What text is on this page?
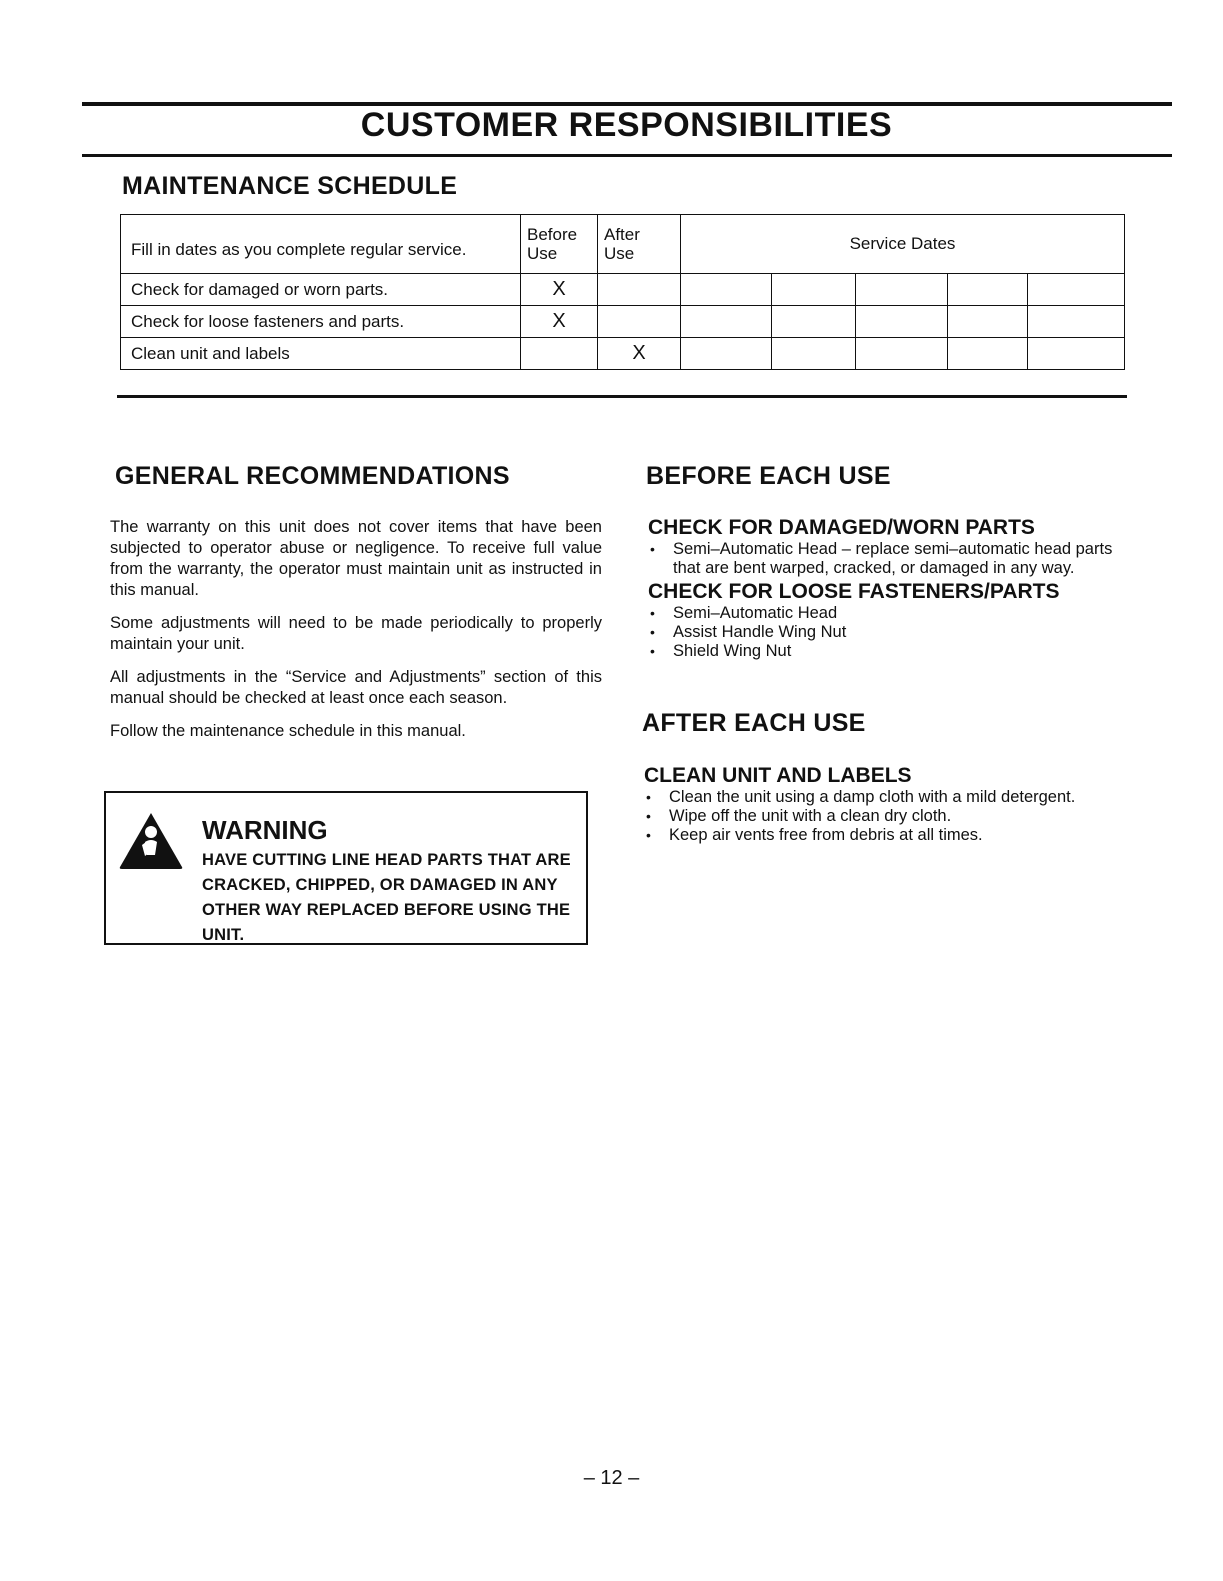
CUSTOMER RESPONSIBILITIES
MAINTENANCE SCHEDULE
Fill in dates as you complete regular service.	Before Use	After Use	Service Dates				
Check for damaged or worn parts.	X						
Check for loose fasteners and parts.	X						
Clean unit and labels		X					
GENERAL RECOMMENDATIONS

The warranty on this unit does not cover items that have been subjected to operator abuse or negligence. To receive full value from the warranty, the operator must maintain unit as instructed in this manual.

Some adjustments will need to be made periodically to properly maintain your unit.

All adjustments in the “Service and Adjustments” section of this manual should be checked at least once each season.

Follow the maintenance schedule in this manual.

WARNING
HAVE CUTTING LINE HEAD PARTS THAT ARE CRACKED, CHIPPED, OR DAMAGED IN ANY OTHER WAY REPLACED BEFORE USING THE UNIT.
BEFORE EACH USE

CHECK FOR DAMAGED/WORN PARTS

• Semi–Automatic Head – replace semi–automatic head parts that are bent warped, cracked, or damaged in any way.

CHECK FOR LOOSE FASTENERS/PARTS

• Semi–Automatic Head
• Assist Handle Wing Nut
• Shield Wing Nut
AFTER EACH USE

CLEAN UNIT AND LABELS

• Clean the unit using a damp cloth with a mild detergent.
• Wipe off the unit with a clean dry cloth.
• Keep air vents free from debris at all times.
– 12 –
